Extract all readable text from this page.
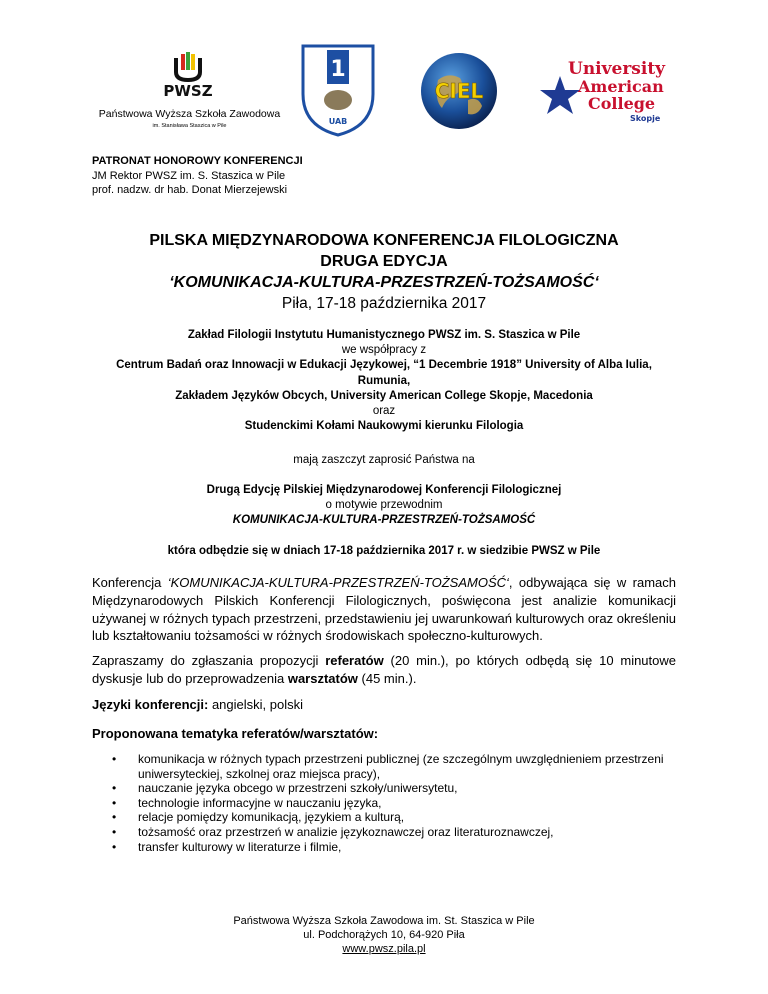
PWSZ
Państwowa Wyższa Szkoła Zawodowa
im. Stanisława Staszica w Pile
1
UAB
CIEL
University
American
College
Skopje
PATRONAT HONOROWY KONFERENCJI
JM Rektor PWSZ im. S. Staszica w Pile
prof. nadzw. dr hab. Donat Mierzejewski
PILSKA MIĘDZYNARODOWA KONFERENCJA FILOLOGICZNA
DRUGA EDYCJA
‘KOMUNIKACJA-KULTURA-PRZESTRZEŃ-TOŻSAMOŚĆ‘
Piła, 17-18 października 2017
Zakład Filologii Instytutu Humanistycznego PWSZ im. S. Staszica w Pile
we współpracy z
Centrum Badań oraz Innowacji w Edukacji Językowej, “1 Decembrie 1918” University of Alba Iulia,
Rumunia,
Zakładem Języków Obcych, University American College Skopje, Macedonia
oraz
Studenckimi Kołami Naukowymi kierunku Filologia
mają zaszczyt zaprosić Państwa na
Drugą Edycję Pilskiej Międzynarodowej Konferencji Filologicznej
o motywie przewodnim
KOMUNIKACJA-KULTURA-PRZESTRZEŃ-TOŻSAMOŚĆ
która odbędzie się w dniach 17-18 października 2017 r. w siedzibie PWSZ w Pile
Konferencja ‘KOMUNIKACJA-KULTURA-PRZESTRZEŃ-TOŻSAMOŚĆ‘, odbywająca się w ramach Międzynarodowych Pilskich Konferencji Filologicznych, poświęcona jest analizie komunikacji używanej w różnych typach przestrzeni, przedstawieniu jej uwarunkowań kulturowych oraz określeniu lub kształtowaniu tożsamości w różnych środowiskach społeczno-kulturowych.
Zapraszamy do zgłaszania propozycji referatów (20 min.), po których odbędą się 10 minutowe dyskusje lub do przeprowadzenia warsztatów (45 min.).
Języki konferencji: angielski, polski
Proponowana tematyka referatów/warsztatów:
• komunikacja w różnych typach przestrzeni publicznej (ze szczególnym uwzględnieniem przestrzeni uniwersyteckiej, szkolnej oraz miejsca pracy),
• nauczanie języka obcego w przestrzeni szkoły/uniwersytetu,
• technologie informacyjne w nauczaniu języka,
• relacje pomiędzy komunikacją, językiem a kulturą,
• tożsamość oraz przestrzeń w analizie językoznawczej oraz literaturoznawczej,
• transfer kulturowy w literaturze i filmie,
Państwowa Wyższa Szkoła Zawodowa im. St. Staszica w Pile
ul. Podchorążych 10, 64-920 Piła
www.pwsz.pila.pl
